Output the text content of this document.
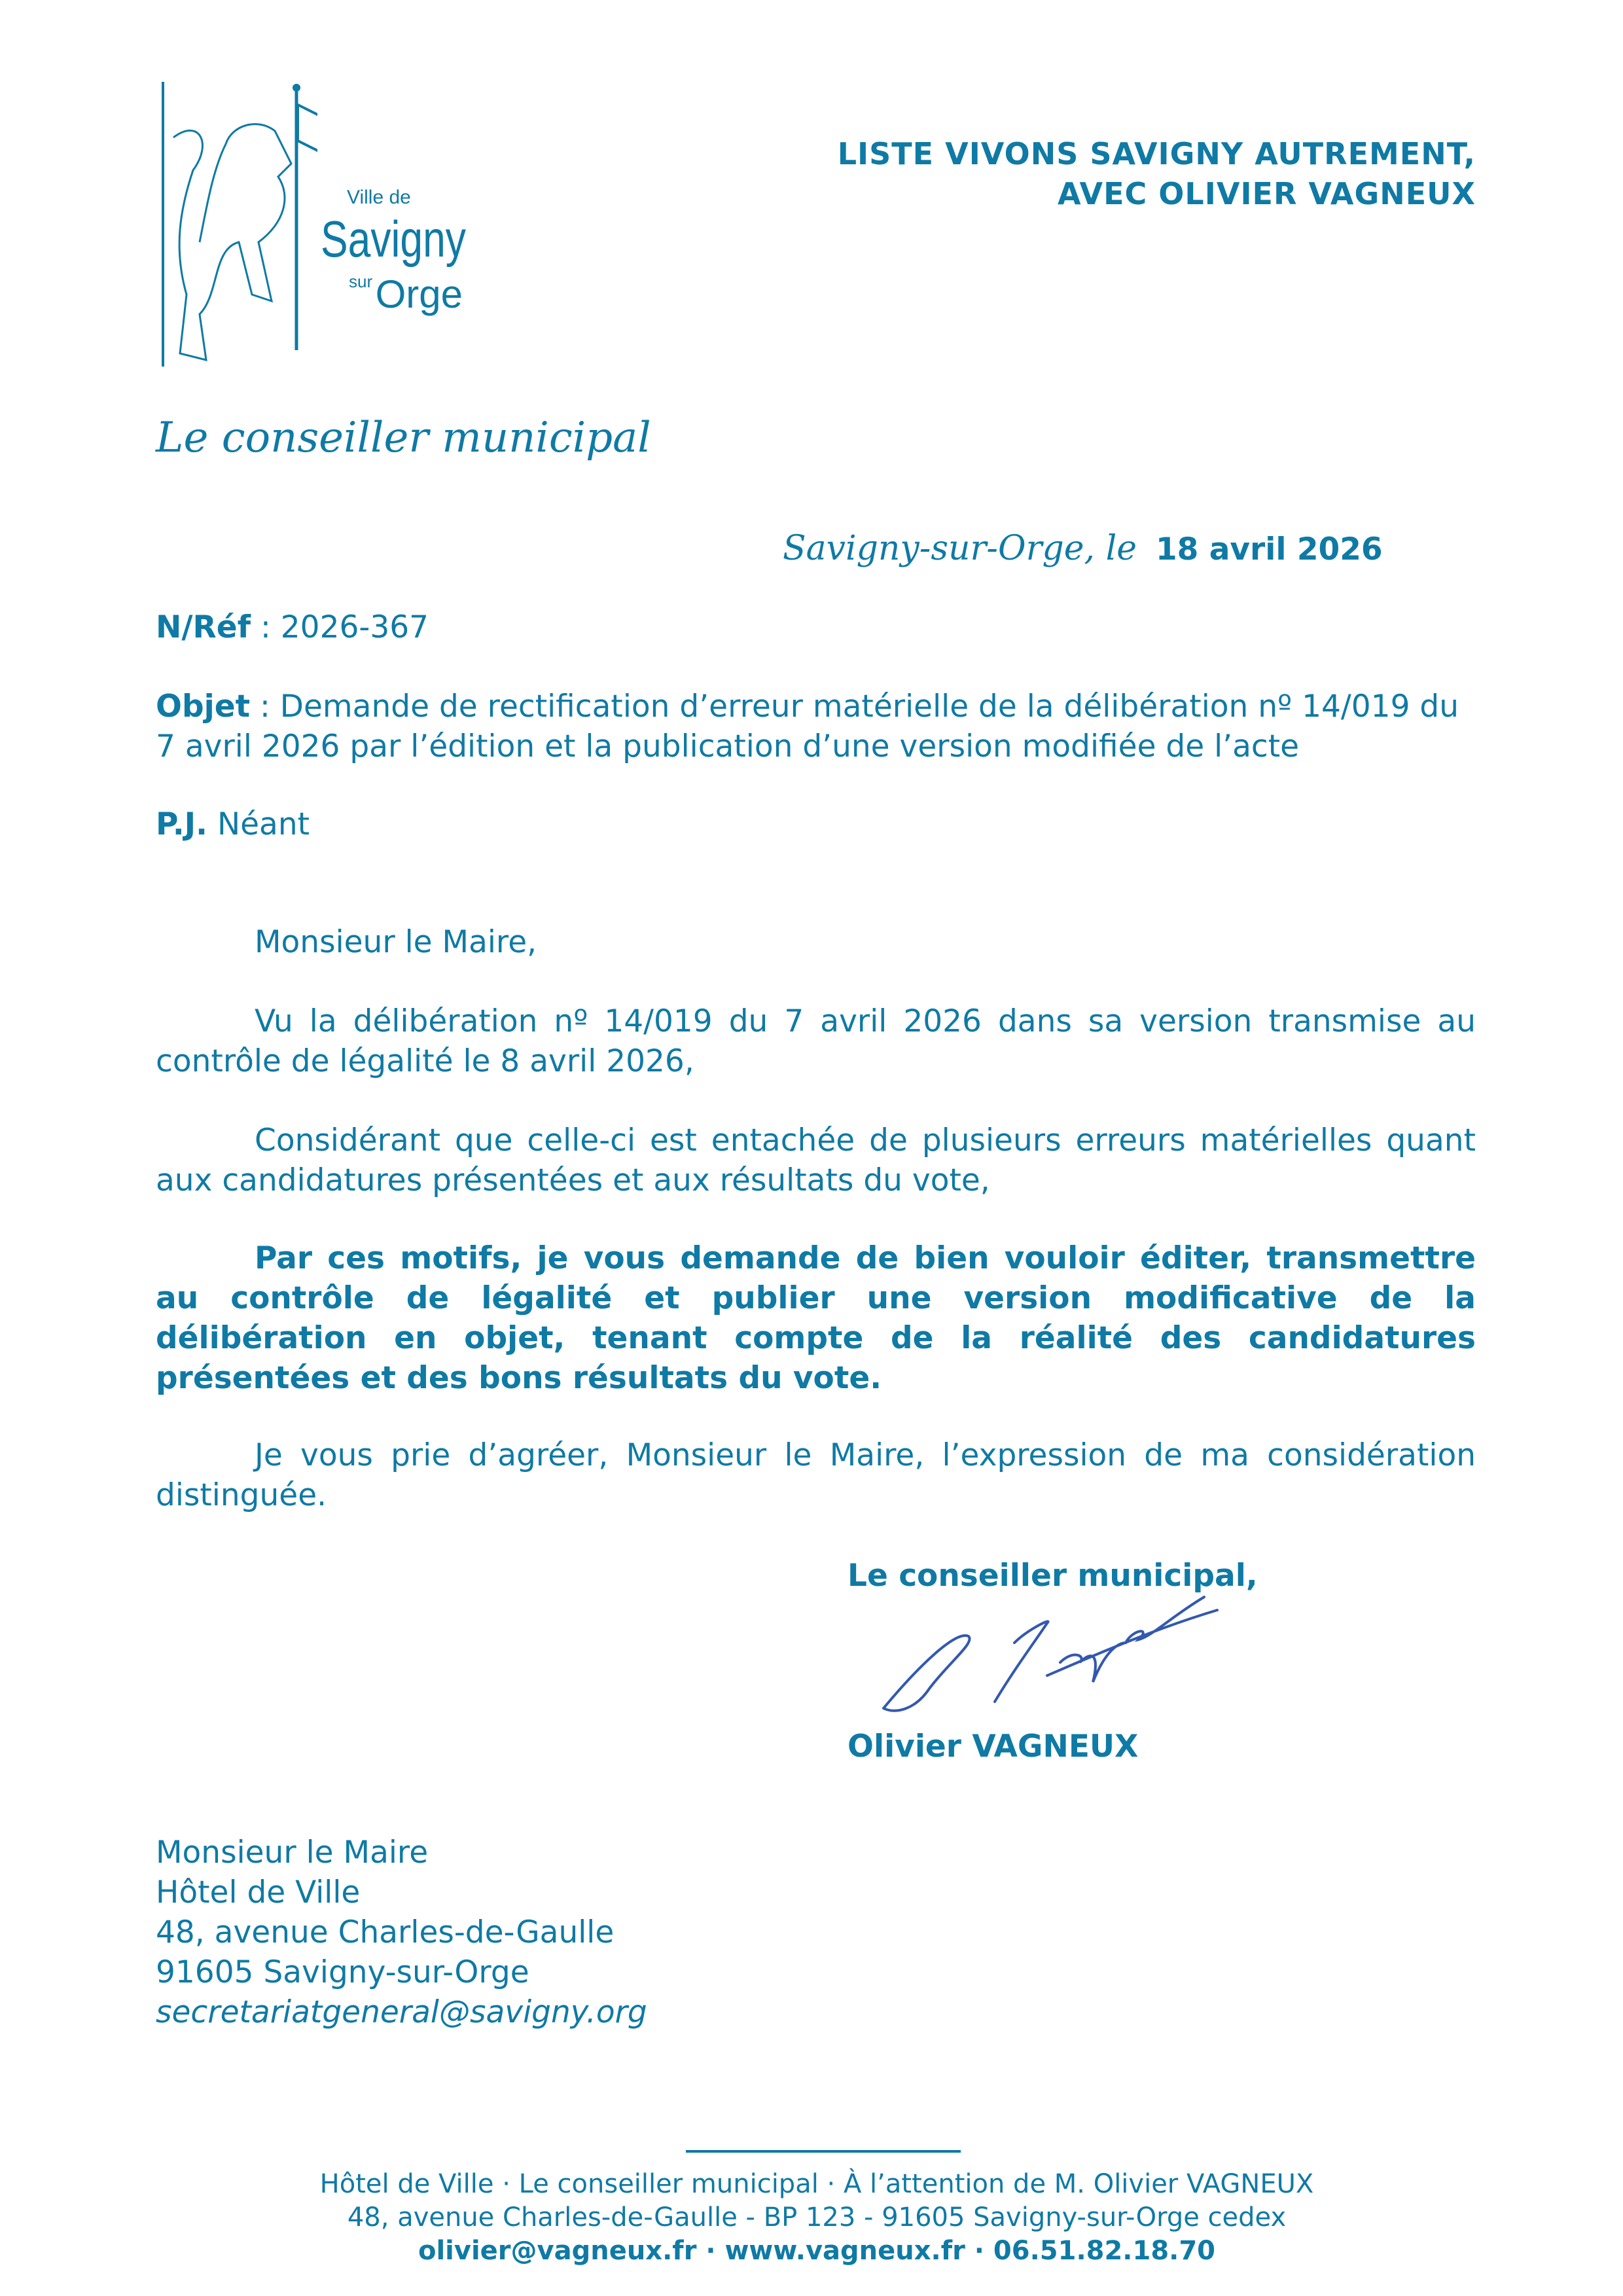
Ville de
Savigny
sur Orge
LISTE VIVONS SAVIGNY AUTREMENT,
AVEC OLIVIER VAGNEUX
Le conseiller municipal
Savigny-sur-Orge, le 18 avril 2026
N/Réf : 2026-367
Objet : Demande de rectification d’erreur matérielle de la délibération nº 14/019 du 7 avril 2026 par l’édition et la publication d’une version modifiée de l’acte
P.J. Néant
Monsieur le Maire,
Vu la délibération nº 14/019 du 7 avril 2026 dans sa version transmise au contrôle de légalité le 8 avril 2026,
Considérant que celle-ci est entachée de plusieurs erreurs matérielles quant aux candidatures présentées et aux résultats du vote,
Par ces motifs, je vous demande de bien vouloir éditer, transmettre au contrôle de légalité et publier une version modificative de la délibération en objet, tenant compte de la réalité des candidatures présentées et des bons résultats du vote.
Je vous prie d’agréer, Monsieur le Maire, l’expression de ma considération distinguée.
Le conseiller municipal,
Olivier VAGNEUX
Monsieur le Maire
Hôtel de Ville
48, avenue Charles-de-Gaulle
91605 Savigny-sur-Orge
secretariatgeneral@savigny.org
Hôtel de Ville · Le conseiller municipal · À l’attention de M. Olivier VAGNEUX
48, avenue Charles-de-Gaulle - BP 123 - 91605 Savigny-sur-Orge cedex
olivier@vagneux.fr · www.vagneux.fr · 06.51.82.18.70
